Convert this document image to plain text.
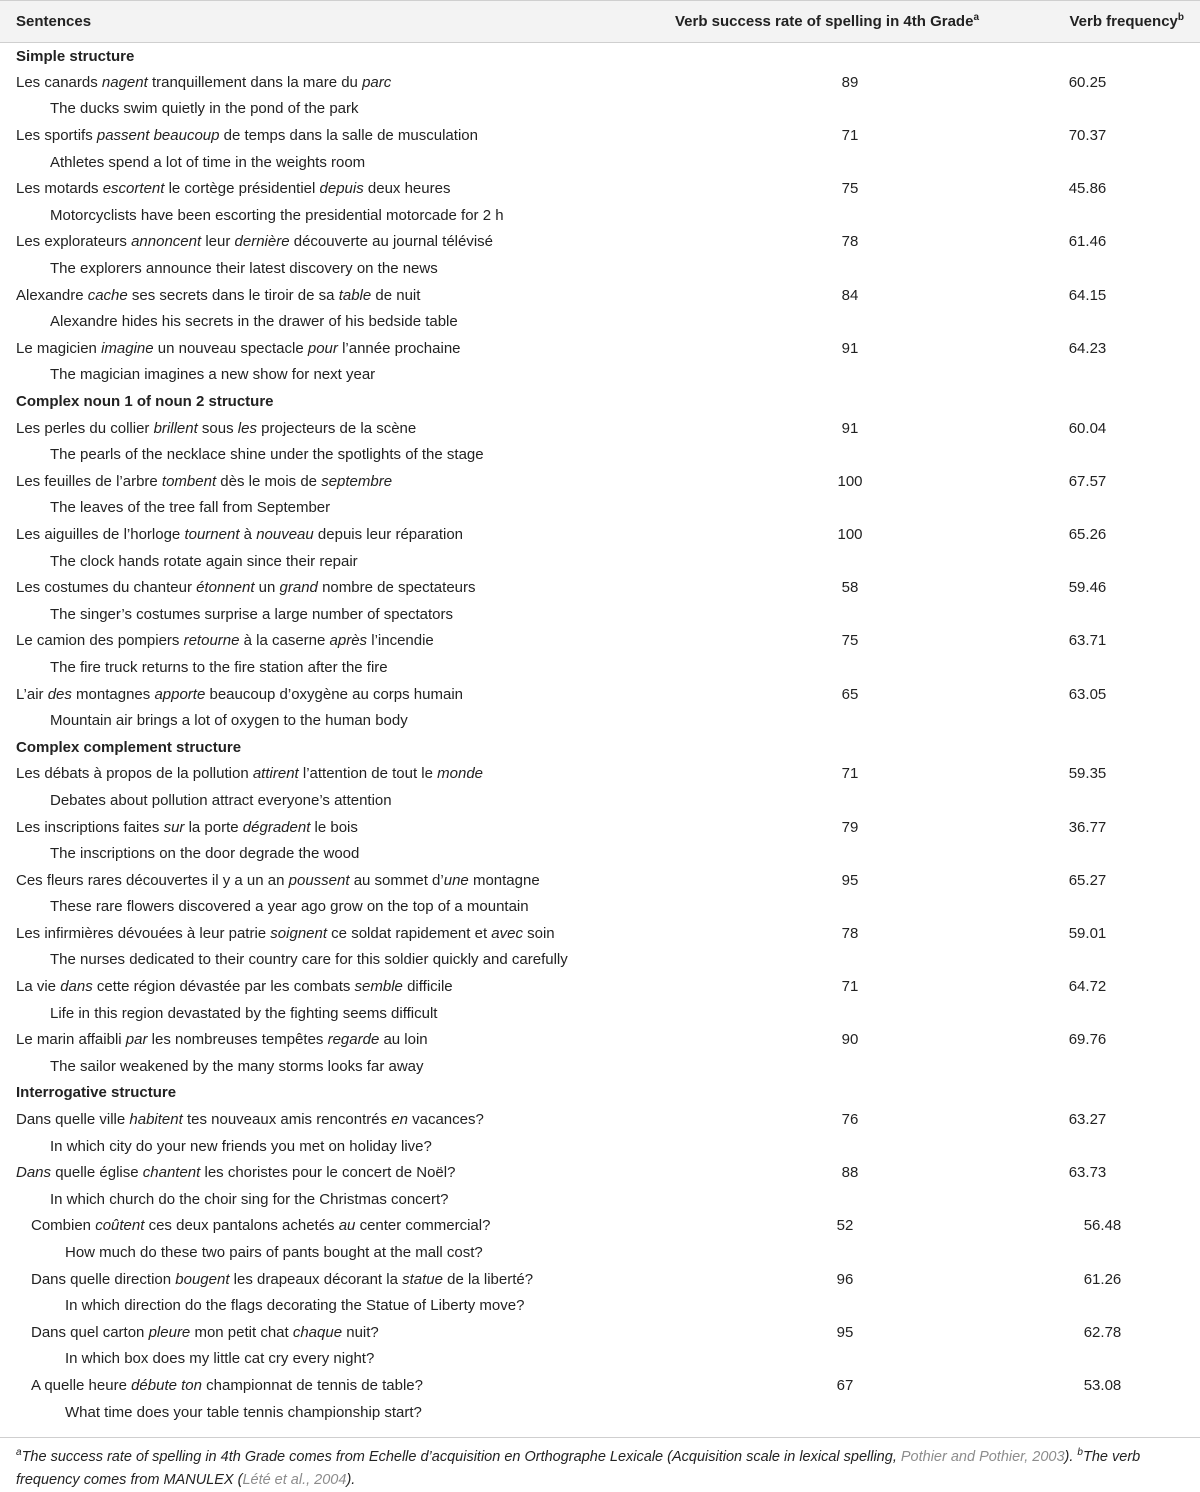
Sentences	Verb success rate of spelling in 4th Grade$^a$	Verb frequency$^b$
Simple structure		
Les canards nagent tranquillement dans la mare du parc	89	60.25
The ducks swim quietly in the pond of the park		
Les sportifs passent beaucoup de temps dans la salle de musculation	71	70.37
Athletes spend a lot of time in the weights room		
Les motards escortent le cortège présidentiel depuis deux heures	75	45.86
Motorcyclists have been escorting the presidential motorcade for 2 h		
Les explorateurs annoncent leur dernière découverte au journal télévisé	78	61.46
The explorers announce their latest discovery on the news		
Alexandre cache ses secrets dans le tiroir de sa table de nuit	84	64.15
Alexandre hides his secrets in the drawer of his bedside table		
Le magicien imagine un nouveau spectacle pour l’année prochaine	91	64.23
The magician imagines a new show for next year		
Complex noun 1 of noun 2 structure		
Les perles du collier brillent sous les projecteurs de la scène	91	60.04
The pearls of the necklace shine under the spotlights of the stage		
Les feuilles de l’arbre tombent dès le mois de septembre	100	67.57
The leaves of the tree fall from September		
Les aiguilles de l’horloge tournent à nouveau depuis leur réparation	100	65.26
The clock hands rotate again since their repair		
Les costumes du chanteur étonnent un grand nombre de spectateurs	58	59.46
The singer’s costumes surprise a large number of spectators		
Le camion des pompiers retourne à la caserne après l’incendie	75	63.71
The fire truck returns to the fire station after the fire		
L’air des montagnes apporte beaucoup d’oxygène au corps humain	65	63.05
Mountain air brings a lot of oxygen to the human body		
Complex complement structure		
Les débats à propos de la pollution attirent l’attention de tout le monde	71	59.35
Debates about pollution attract everyone’s attention		
Les inscriptions faites sur la porte dégradent le bois	79	36.77
The inscriptions on the door degrade the wood		
Ces fleurs rares découvertes il y a un an poussent au sommet d’une montagne	95	65.27
These rare flowers discovered a year ago grow on the top of a mountain		
Les infirmières dévouées à leur patrie soignent ce soldat rapidement et avec soin	78	59.01
The nurses dedicated to their country care for this soldier quickly and carefully		
La vie dans cette région dévastée par les combats semble difficile	71	64.72
Life in this region devastated by the fighting seems difficult		
Le marin affaibli par les nombreuses tempêtes regarde au loin	90	69.76
The sailor weakened by the many storms looks far away		
Interrogative structure		
Dans quelle ville habitent tes nouveaux amis rencontrés en vacances?	76	63.27
In which city do your new friends you met on holiday live?		
Dans quelle église chantent les choristes pour le concert de Noël?	88	63.73
In which church do the choir sing for the Christmas concert?		
Combien coûtent ces deux pantalons achetés au center commercial?	52	56.48
How much do these two pairs of pants bought at the mall cost?		
Dans quelle direction bougent les drapeaux décorant la statue de la liberté?	96	61.26
In which direction do the flags decorating the Statue of Liberty move?		
Dans quel carton pleure mon petit chat chaque nuit?	95	62.78
In which box does my little cat cry every night?		
A quelle heure débute ton championnat de tennis de table?	67	53.08
What time does your table tennis championship start?		
$^a$The success rate of spelling in 4th Grade comes from Echelle d’acquisition en Orthographe Lexicale (Acquisition scale in lexical spelling, Pothier and Pothier, 2003). $^b$The verb frequency comes from MANULEX (Lété et al., 2004).
